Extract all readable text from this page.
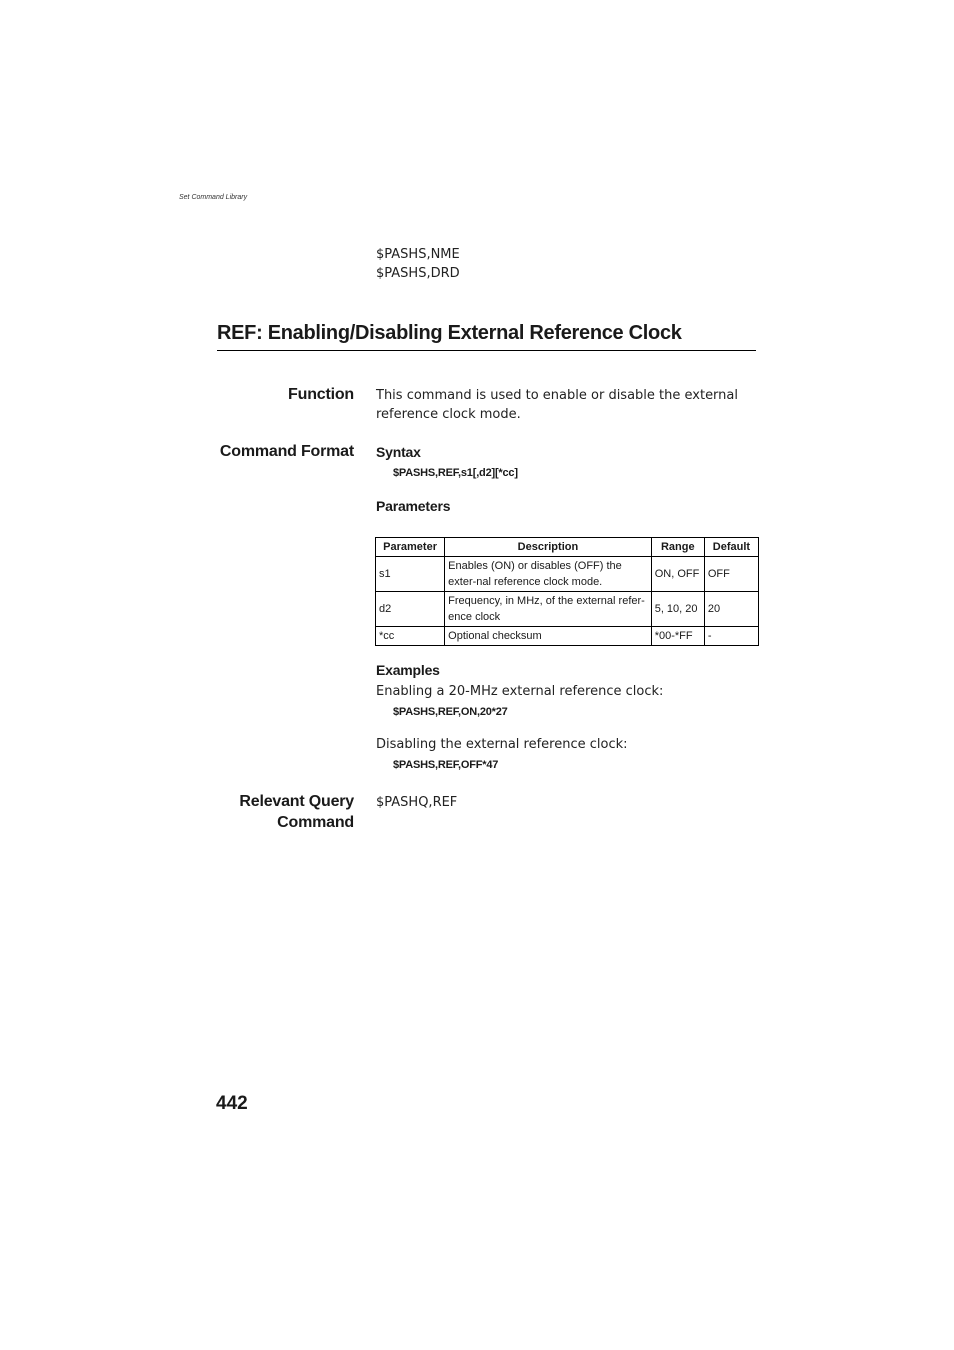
Set Command Library
$PASHS,NME
$PASHS,DRD
REF: Enabling/Disabling External Reference Clock
Function This command is used to enable or disable the external reference clock mode.
Command Format Syntax
$PASHS,REF,s1[,d2][*cc]
Parameters
Parameter	Description	Range	Default
s1	Enables (ON) or disables (OFF) the exter-nal reference clock mode.	ON, OFF	OFF
d2	Frequency, in MHz, of the external refer-ence clock	5, 10, 20	20
*cc	Optional checksum	*00-*FF	-
Examples
Enabling a 20-MHz external reference clock:
$PASHS,REF,ON,20*27
Disabling the external reference clock:
$PASHS,REF,OFF*47
Relevant Query
Command
$PASHQ,REF
442
